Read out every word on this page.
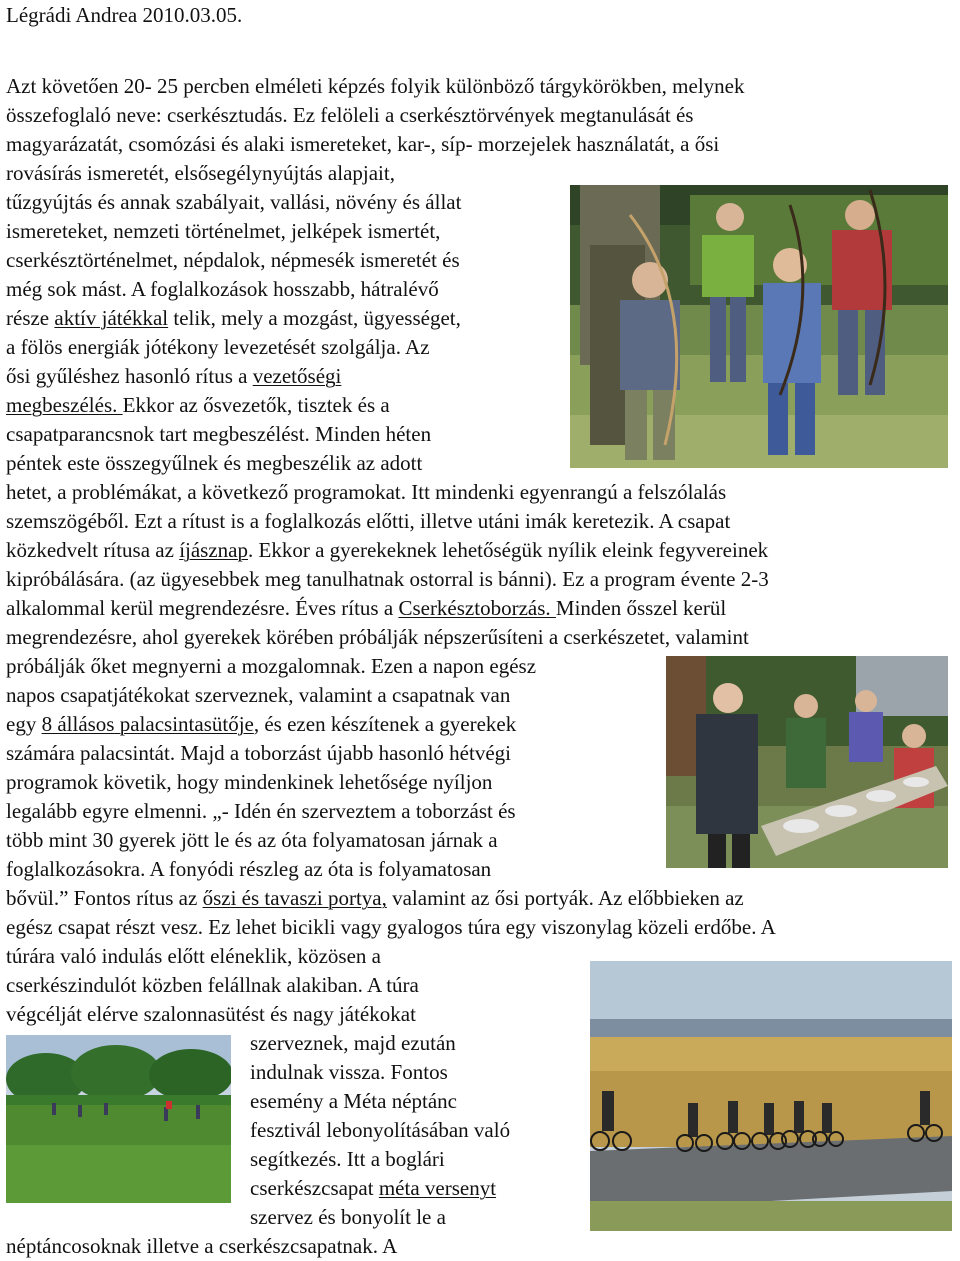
Légrádi Andrea 2010.03.05.
Azt követően 20- 25 percben elméleti képzés folyik különböző tárgykörökben, melynek
összefoglaló neve: cserkésztudás. Ez felöleli a cserkésztörvények megtanulását és
magyarázatát, csomózási és alaki ismereteket, kar-, síp- morzejelek használatát, a ősi
rovásírás ismeretét, elsősegélynyújtás alapjait,
tűzgyújtás és annak szabályait, vallási, növény és állat
ismereteket, nemzeti történelmet, jelképek ismertét,
cserkésztörténelmet, népdalok, népmesék ismeretét és
még sok mást. A foglalkozások hosszabb, hátralévő
része aktív játékkal telik, mely a mozgást, ügyességet,
a fölös energiák jótékony levezetését szolgálja. Az
ősi gyűléshez hasonló rítus a vezetőségi
megbeszélés. Ekkor az ősvezetők, tisztek és a
csapatparancsnok tart megbeszélést. Minden héten
péntek este összegyűlnek és megbeszélik az adott
hetet, a problémákat, a következő programokat. Itt mindenki egyenrangú a felszólalás
szemszögéből. Ezt a rítust is a foglalkozás előtti, illetve utáni imák keretezik. A csapat
közkedvelt rítusa az íjásznap. Ekkor a gyerekeknek lehetőségük nyílik eleink fegyvereinek
kipróbálására. (az ügyesebbek meg tanulhatnak ostorral is bánni). Ez a program évente 2-3
alkalommal kerül megrendezésre. Éves rítus a Cserkésztoborzás. Minden ősszel kerül
megrendezésre, ahol gyerekek körében próbálják népszerűsíteni a cserkészetet, valamint
próbálják őket megnyerni a mozgalomnak. Ezen a napon egész
napos csapatjátékokat szerveznek, valamint a csapatnak van
egy 8 állásos palacsintasütője, és ezen készítenek a gyerekek
számára palacsintát. Majd a toborzást újabb hasonló hétvégi
programok követik, hogy mindenkinek lehetősége nyíljon
legalább egyre elmenni. „- Idén én szerveztem a toborzást és
több mint 30 gyerek jött le és az óta folyamatosan járnak a
foglalkozásokra. A fonyódi részleg az óta is folyamatosan
bővül.” Fontos rítus az őszi és tavaszi portya, valamint az ősi portyák. Az előbbieken az
egész csapat részt vesz. Ez lehet bicikli vagy gyalogos túra egy viszonylag közeli erdőbe. A
túrára való indulás előtt eléneklik, közösen a
cserkészindulót közben felállnak alakiban. A túra
végcélját elérve szalonnasütést és nagy játékokat
szerveznek, majd ezután
indulnak vissza. Fontos
esemény a Méta néptánc
fesztivál lebonyolításában való
segítkezés. Itt a boglári
cserkészcsapat méta versenyt
szervez és bonyolít le a
néptáncosoknak illetve a cserkészcsapatnak. A
